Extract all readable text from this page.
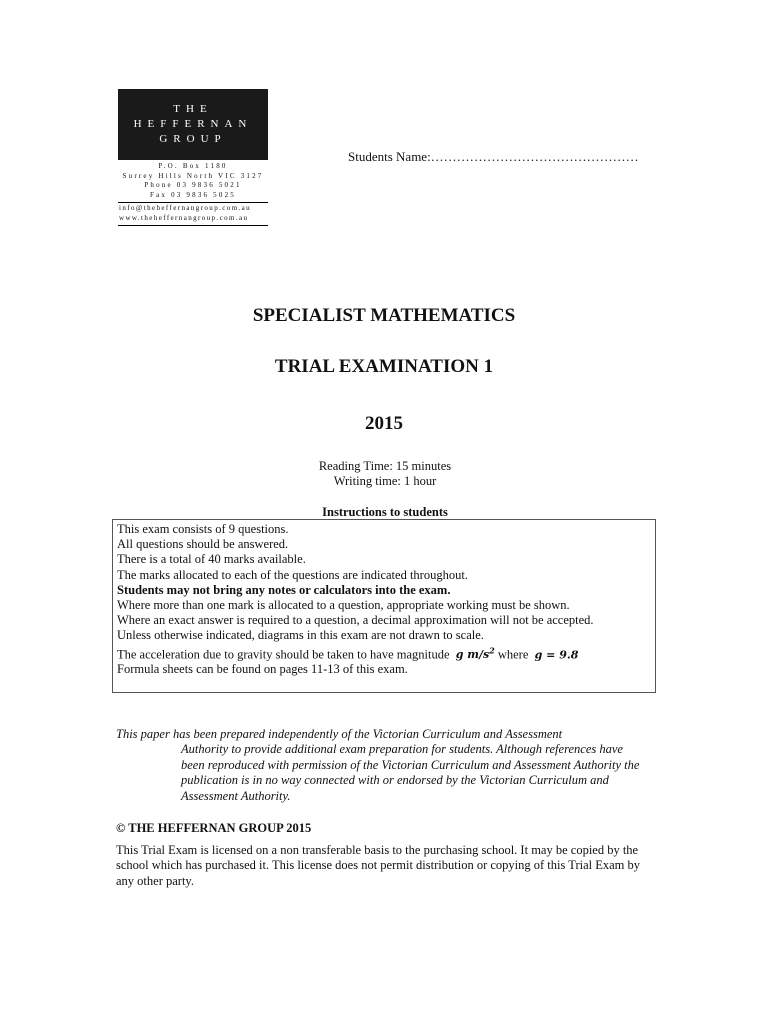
THE
HEFFERNAN
GROUP
P.O. Box 1180
Surrey Hills North VIC 3127
Phone 03 9836 5021
Fax 03 9836 5025
info@theheffernangroup.com.au
www.theheffernangroup.com.au
Students Name:…………………………………………
SPECIALIST MATHEMATICS
TRIAL EXAMINATION 1
2015
Reading Time: 15 minutes
Writing time: 1 hour
Instructions to students
This exam consists of 9 questions.
All questions should be answered.
There is a total of 40 marks available.
The marks allocated to each of the questions are indicated throughout.
Students may not bring any notes or calculators into the exam.
Where more than one mark is allocated to a question, appropriate working must be shown.
Where an exact answer is required to a question, a decimal approximation will not be accepted.
Unless otherwise indicated, diagrams in this exam are not drawn to scale.
The acceleration due to gravity should be taken to have magnitude g $m/s^2$ where g = 9.8
Formula sheets can be found on pages 11-13 of this exam.
This paper has been prepared independently of the Victorian Curriculum and Assessment
Authority to provide additional exam preparation for students. Although references have been reproduced with permission of the Victorian Curriculum and Assessment Authority the publication is in no way connected with or endorsed by the Victorian Curriculum and Assessment Authority.
© THE HEFFERNAN GROUP 2015
This Trial Exam is licensed on a non transferable basis to the purchasing school. It may be copied by the school which has purchased it. This license does not permit distribution or copying of this Trial Exam by any other party.
